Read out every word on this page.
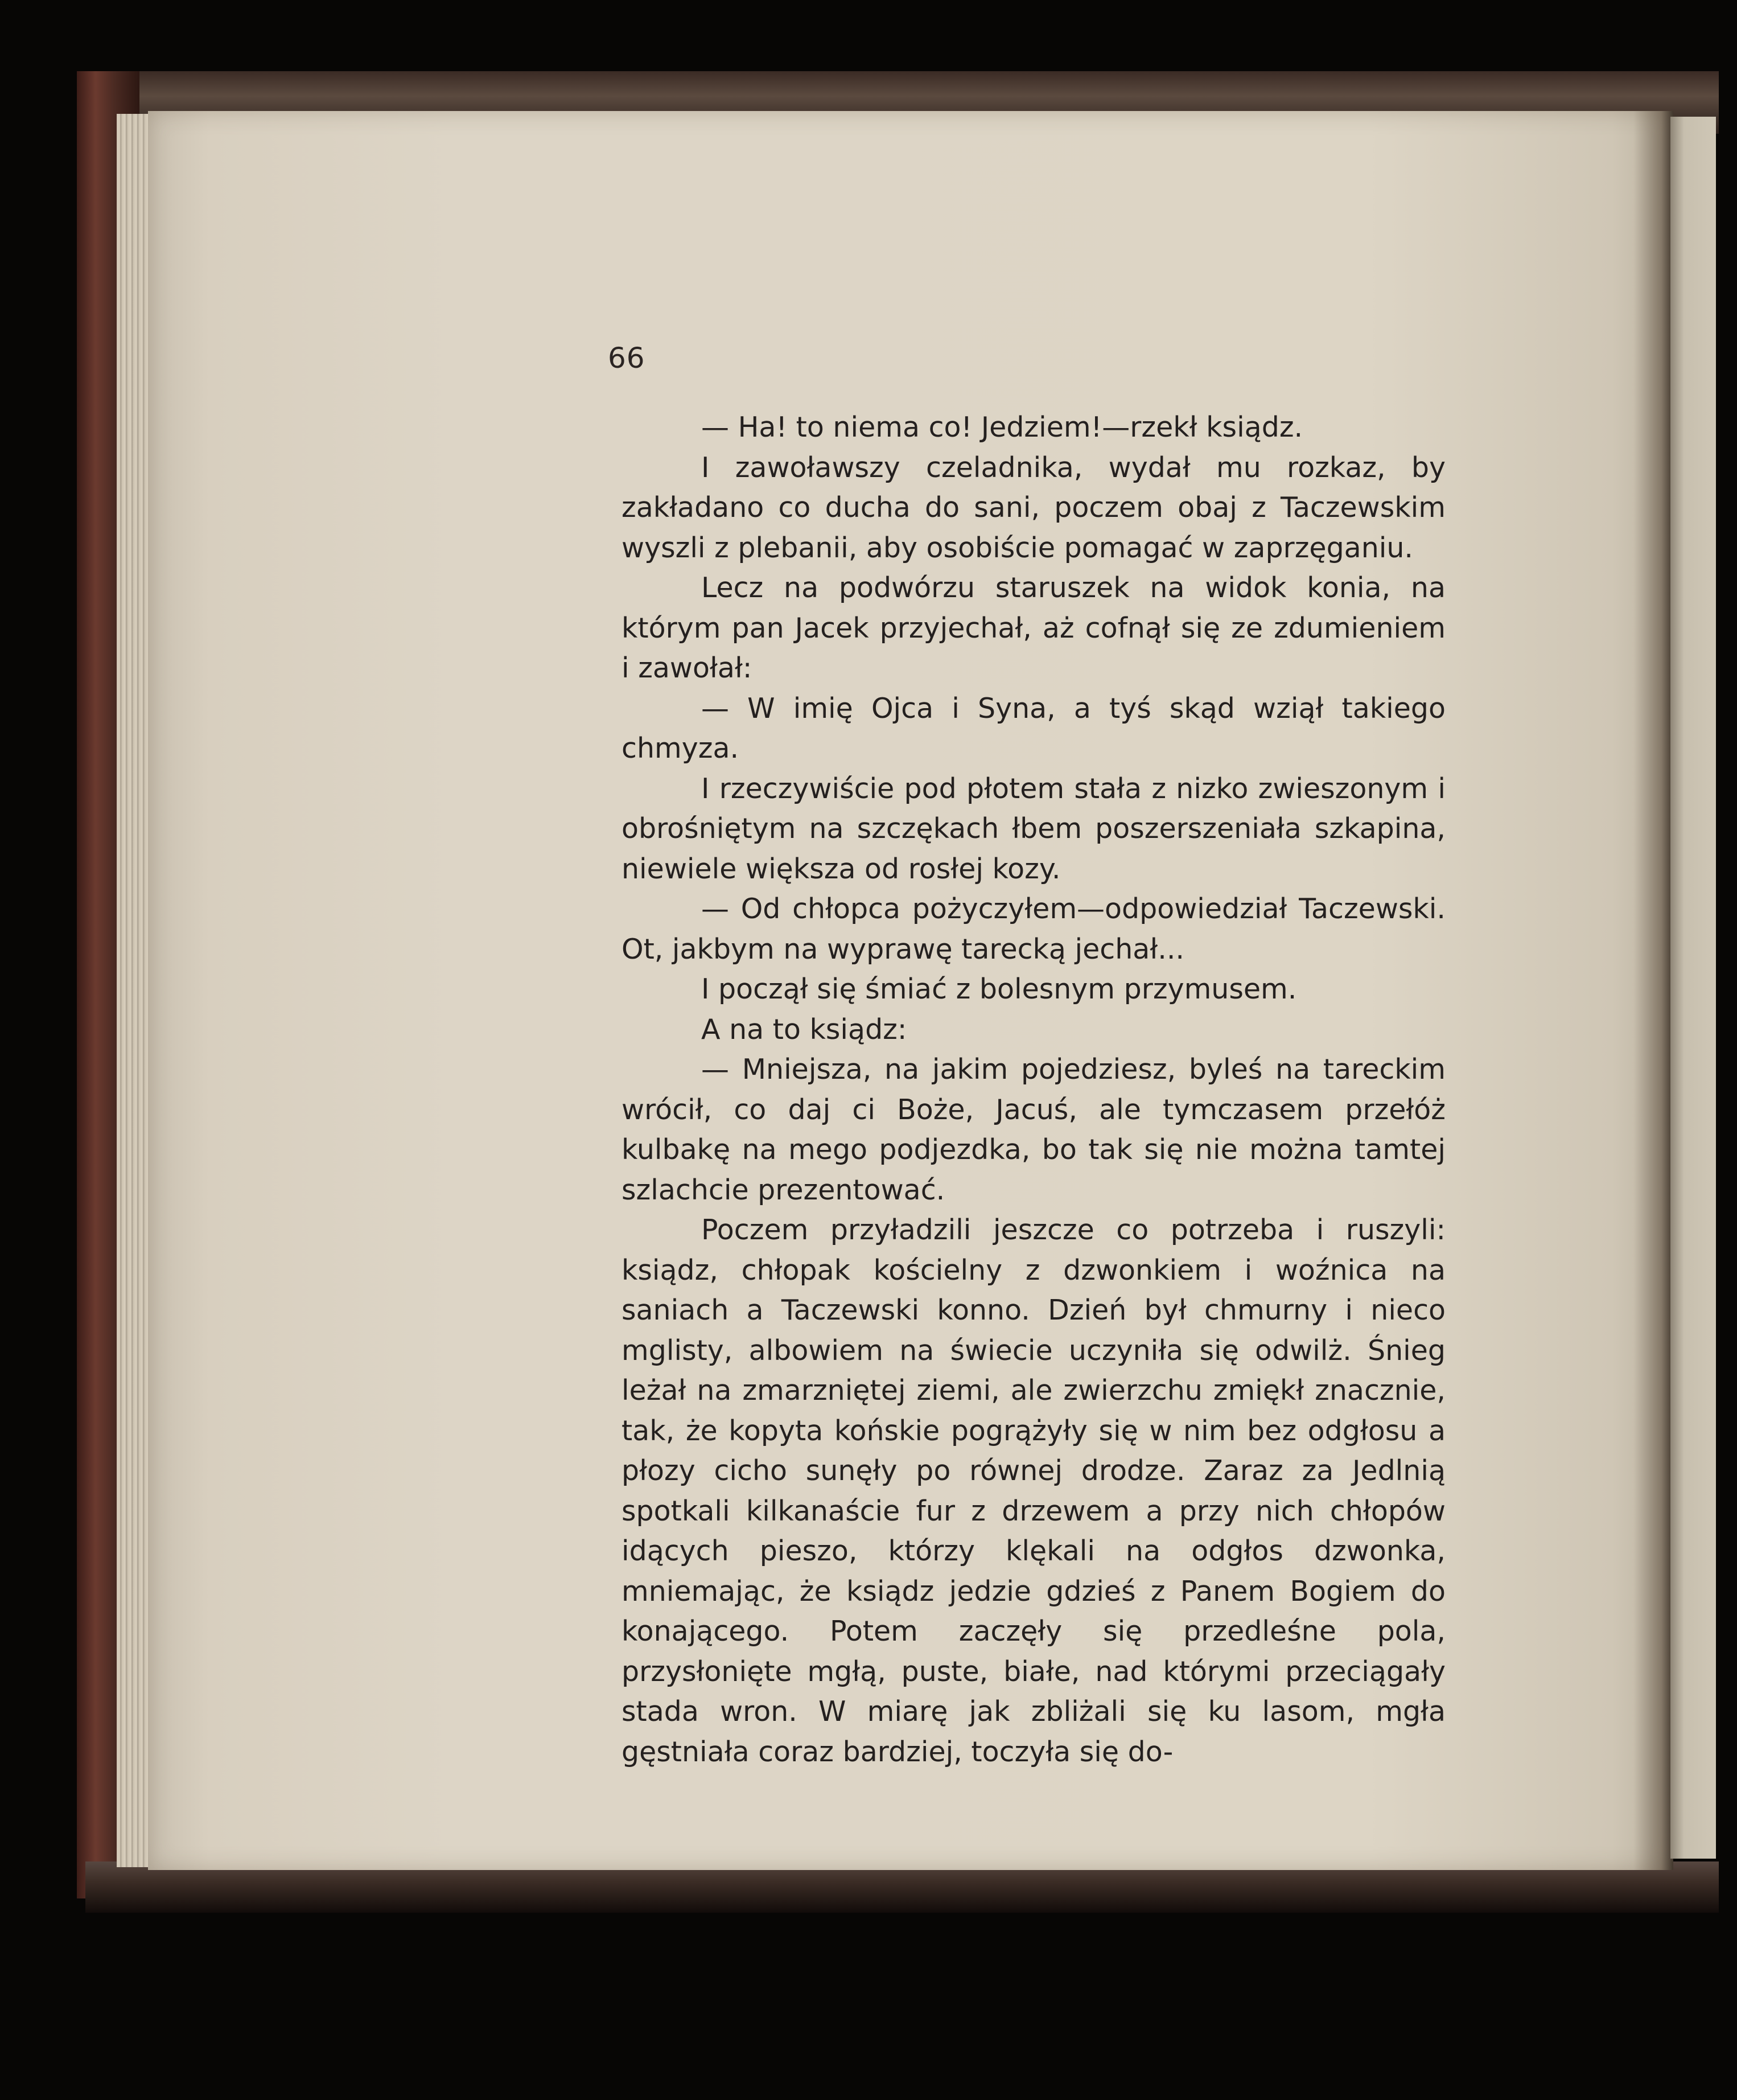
66

— Ha! to niema co! Jedziem!—rzekł ksiądz.

I zawoławszy czeladnika, wydał mu rozkaz, by zakładano co ducha do sani, poczem obaj z Taczewskim wyszli z plebanii, aby osobiście pomagać w zaprzęganiu.

Lecz na podwórzu staruszek na widok konia, na którym pan Jacek przyjechał, aż cofnął się ze zdumieniem i zawołał:

— W imię Ojca i Syna, a tyś skąd wziął takiego chmyza.

I rzeczywiście pod płotem stała z nizko zwieszonym i obrośniętym na szczękach łbem poszerszeniała szkapina, niewiele większa od rosłej kozy.

— Od chłopca pożyczyłem—odpowiedział Taczewski. Ot, jakbym na wyprawę tarecką jechał...

I począł się śmiać z bolesnym przymusem.

A na to ksiądz:

— Mniejsza, na jakim pojedziesz, byleś na tareckim wrócił, co daj ci Boże, Jacuś, ale tymczasem przełóż kulbakę na mego podjezdka, bo tak się nie można tamtej szlachcie prezentować.

Poczem przyładzili jeszcze co potrzeba i ruszyli: ksiądz, chłopak kościelny z dzwonkiem i woźnica na saniach a Taczewski konno. Dzień był chmurny i nieco mglisty, albowiem na świecie uczyniła się odwilż. Śnieg leżał na zmarzniętej ziemi, ale zwierzchu zmiękł znacznie, tak, że kopyta końskie pogrążyły się w nim bez odgłosu a płozy cicho sunęły po równej drodze. Zaraz za Jedlnią spotkali kilkanaście fur z drzewem a przy nich chłopów idących pieszo, którzy klękali na odgłos dzwonka, mniemając, że ksiądz jedzie gdzieś z Panem Bogiem do konającego. Potem zaczęły się przedleśne pola, przysłonięte mgłą, puste, białe, nad którymi przeciągały stada wron. W miarę jak zbliżali się ku lasom, mgła gęstniała coraz bardziej, toczyła się do-
